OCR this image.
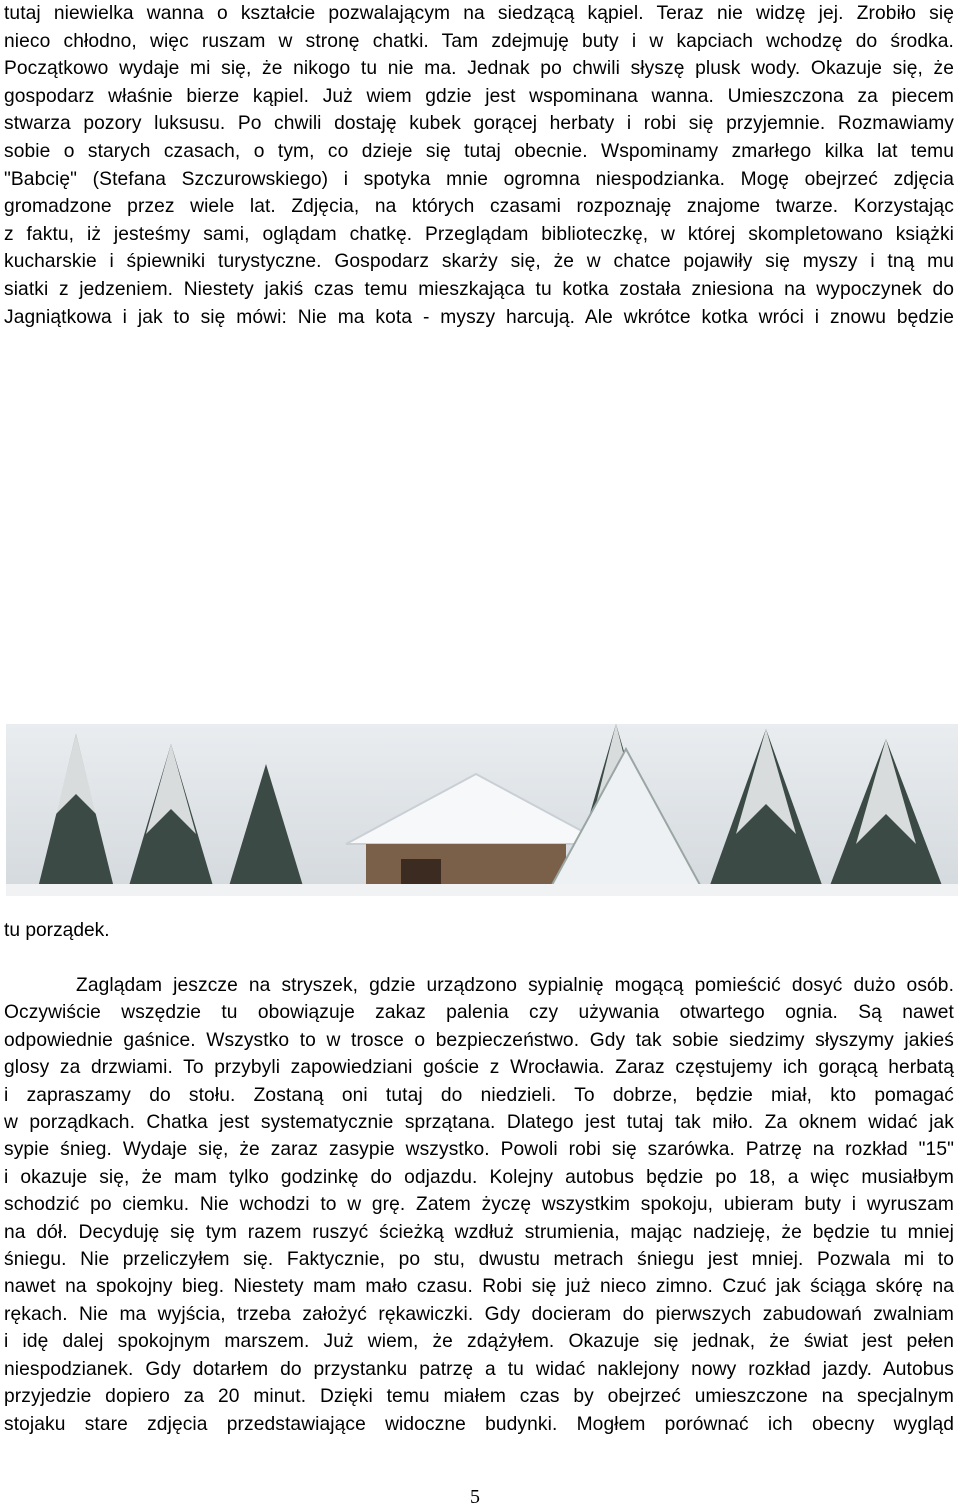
tutaj niewielka wanna o kształcie pozwalającym na siedzącą kąpiel. Teraz nie widzę jej. Zrobiło się
nieco chłodno, więc ruszam w stronę chatki. Tam zdejmuję buty i w kapciach wchodzę do środka.
Początkowo wydaje mi się, że nikogo tu nie ma. Jednak po chwili słyszę plusk wody. Okazuje się, że
gospodarz właśnie bierze kąpiel. Już wiem gdzie jest wspominana wanna. Umieszczona za piecem
stwarza pozory luksusu. Po chwili dostaję kubek gorącej herbaty i robi się przyjemnie. Rozmawiamy
sobie o starych czasach, o tym, co dzieje się tutaj obecnie. Wspominamy zmarłego kilka lat temu
"Babcię" (Stefana Szczurowskiego) i spotyka mnie ogromna niespodzianka. Mogę obejrzeć zdjęcia
gromadzone przez wiele lat. Zdjęcia, na których czasami rozpoznaję znajome twarze. Korzystając
z faktu, iż jesteśmy sami, oglądam chatkę. Przeglądam biblioteczkę, w której skompletowano książki
kucharskie i śpiewniki turystyczne. Gospodarz skarży się, że w chatce pojawiły się myszy i tną mu
siatki z jedzeniem. Niestety jakiś czas temu mieszkająca tu kotka została zniesiona na wypoczynek do
Jagniątkowa i jak to się mówi: Nie ma kota - myszy harcują. Ale wkrótce kotka wróci i znowu będzie
tu porządek.
Zaglądam jeszcze na stryszek, gdzie urządzono sypialnię mogącą pomieścić dosyć dużo osób.
Oczywiście wszędzie tu obowiązuje zakaz palenia czy używania otwartego ognia. Są nawet
odpowiednie gaśnice. Wszystko to w trosce o bezpieczeństwo. Gdy tak sobie siedzimy słyszymy jakieś
glosy za drzwiami. To przybyli zapowiedziani goście z Wrocławia. Zaraz częstujemy ich gorącą herbatą
i zapraszamy do stołu. Zostaną oni tutaj do niedzieli. To dobrze, będzie miał, kto pomagać
w porządkach. Chatka jest systematycznie sprzątana. Dlatego jest tutaj tak miło. Za oknem widać jak
sypie śnieg. Wydaje się, że zaraz zasypie wszystko. Powoli robi się szarówka. Patrzę na rozkład "15"
i okazuje się, że mam tylko godzinkę do odjazdu. Kolejny autobus będzie po 18, a więc musiałbym
schodzić po ciemku. Nie wchodzi to w grę. Zatem życzę wszystkim spokoju, ubieram buty i wyruszam
na dół. Decyduję się tym razem ruszyć ścieżką wzdłuż strumienia, mając nadzieję, że będzie tu mniej
śniegu. Nie przeliczyłem się. Faktycznie, po stu, dwustu metrach śniegu jest mniej. Pozwala mi to
nawet na spokojny bieg. Niestety mam mało czasu. Robi się już nieco zimno. Czuć jak ściąga skórę na
rękach. Nie ma wyjścia, trzeba założyć rękawiczki. Gdy docieram do pierwszych zabudowań zwalniam
i idę dalej spokojnym marszem. Już wiem, że zdążyłem. Okazuje się jednak, że świat jest pełen
niespodzianek. Gdy dotarłem do przystanku patrzę a tu widać naklejony nowy rozkład jazdy. Autobus
przyjedzie dopiero za 20 minut. Dzięki temu miałem czas by obejrzeć umieszczone na specjalnym
stojaku stare zdjęcia przedstawiające widoczne budynki. Mogłem porównać ich obecny wygląd
5
